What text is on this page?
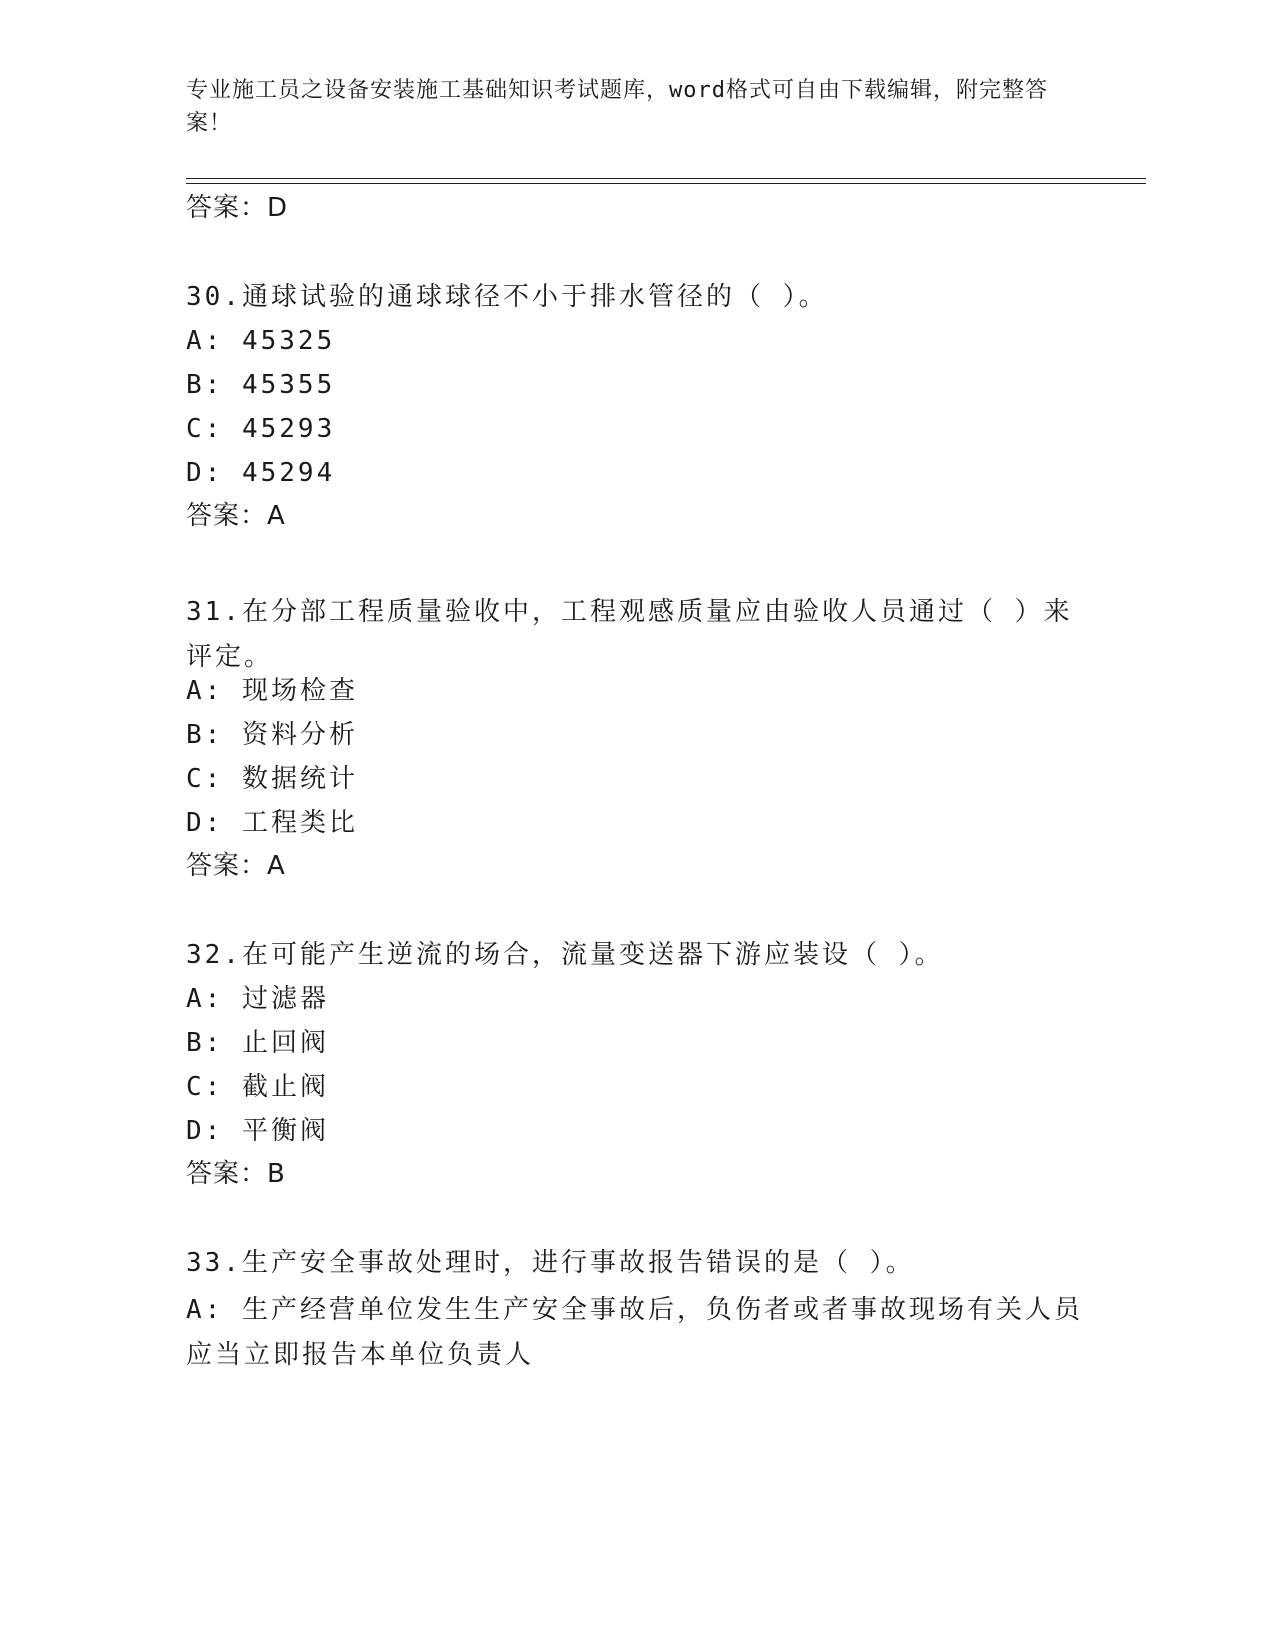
专业施工员之设备安装施工基础知识考试题库，word格式可自由下载编辑，附完整答案！
答案：D
30.通球试验的通球球径不小于排水管径的（ ）。
A: 45325
B: 45355
C: 45293
D: 45294
答案：A
31.在分部工程质量验收中，工程观感质量应由验收人员通过（ ）来评定。
A: 现场检查
B: 资料分析
C: 数据统计
D: 工程类比
答案：A
32.在可能产生逆流的场合，流量变送器下游应装设（ ）。
A: 过滤器
B: 止回阀
C: 截止阀
D: 平衡阀
答案：B
33.生产安全事故处理时，进行事故报告错误的是（ ）。
A: 生产经营单位发生生产安全事故后，负伤者或者事故现场有关人员应当立即报告本单位负责人
